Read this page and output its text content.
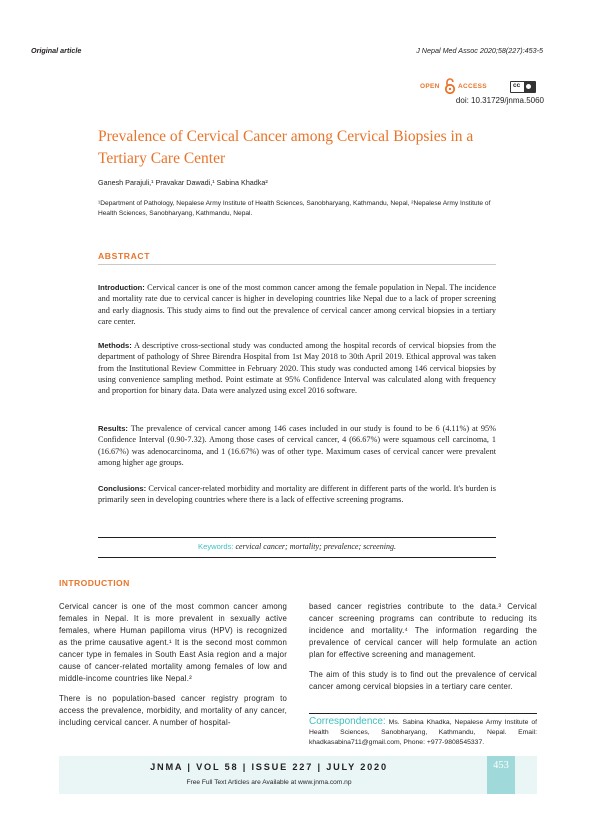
Original article	J Nepal Med Assoc 2020;58(227):453-5
OPEN	ACCESS	cc
doi: 10.31729/jnma.5060
Prevalence of Cervical Cancer among Cervical Biopsies in a Tertiary Care Center
Ganesh Parajuli,¹ Pravakar Dawadi,¹ Sabina Khadka²
¹Department of Pathology, Nepalese Army Institute of Health Sciences, Sanobharyang, Kathmandu, Nepal, ²Nepalese Army Institute of Health Sciences, Sanobharyang, Kathmandu, Nepal.
ABSTRACT
Introduction: Cervical cancer is one of the most common cancer among the female population in Nepal. The incidence and mortality rate due to cervical cancer is higher in developing countries like Nepal due to a lack of proper screening and early diagnosis. This study aims to find out the prevalence of cervical cancer among cervical biopsies in a tertiary care center.
Methods: A descriptive cross-sectional study was conducted among the hospital records of cervical biopsies from the department of pathology of Shree Birendra Hospital from 1st May 2018 to 30th April 2019. Ethical approval was taken from the Institutional Review Committee in February 2020. This study was conducted among 146 cervical biopsies by using convenience sampling method. Point estimate at 95% Confidence Interval was calculated along with frequency and proportion for binary data. Data were analyzed using excel 2016 software.
Results: The prevalence of cervical cancer among 146 cases included in our study is found to be 6 (4.11%) at 95% Confidence Interval (0.90-7.32). Among those cases of cervical cancer, 4 (66.67%) were squamous cell carcinoma, 1 (16.67%) was adenocarcinoma, and 1 (16.67%) was of other type. Maximum cases of cervical cancer were prevalent among higher age groups.
Conclusions: Cervical cancer-related morbidity and mortality are different in different parts of the world. It's burden is primarily seen in developing countries where there is a lack of effective screening programs.
Keywords: cervical cancer; mortality; prevalence; screening.
INTRODUCTION

Cervical cancer is one of the most common cancer among females in Nepal. It is more prevalent in sexually active females, where Human papilloma virus (HPV) is recognized as the prime causative agent.¹ It is the second most common cancer type in females in South East Asia region and a major cause of cancer-related mortality among females of low and middle-income countries like Nepal.²

There is no population-based cancer registry program to access the prevalence, morbidity, and mortality of any cancer, including cervical cancer. A number of hospital-

based cancer registries contribute to the data.³ Cervical cancer screening programs can contribute to reducing its incidence and mortality.⁴ The information regarding the prevalence of cervical cancer will help formulate an action plan for effective screening and management.

The aim of this study is to find out the prevalence of cervical cancer among cervical biopsies in a tertiary care center.

Correspondence: Ms. Sabina Khadka, Nepalese Army Institute of Health Sciences, Sanobharyang, Kathmandu, Nepal. Email: khadkasabina711@gmail.com, Phone: +977-9808545337.
453
JNMA | VOL 58 | ISSUE 227 | JULY 2020
Free Full Text Articles are Available at www.jnma.com.np
